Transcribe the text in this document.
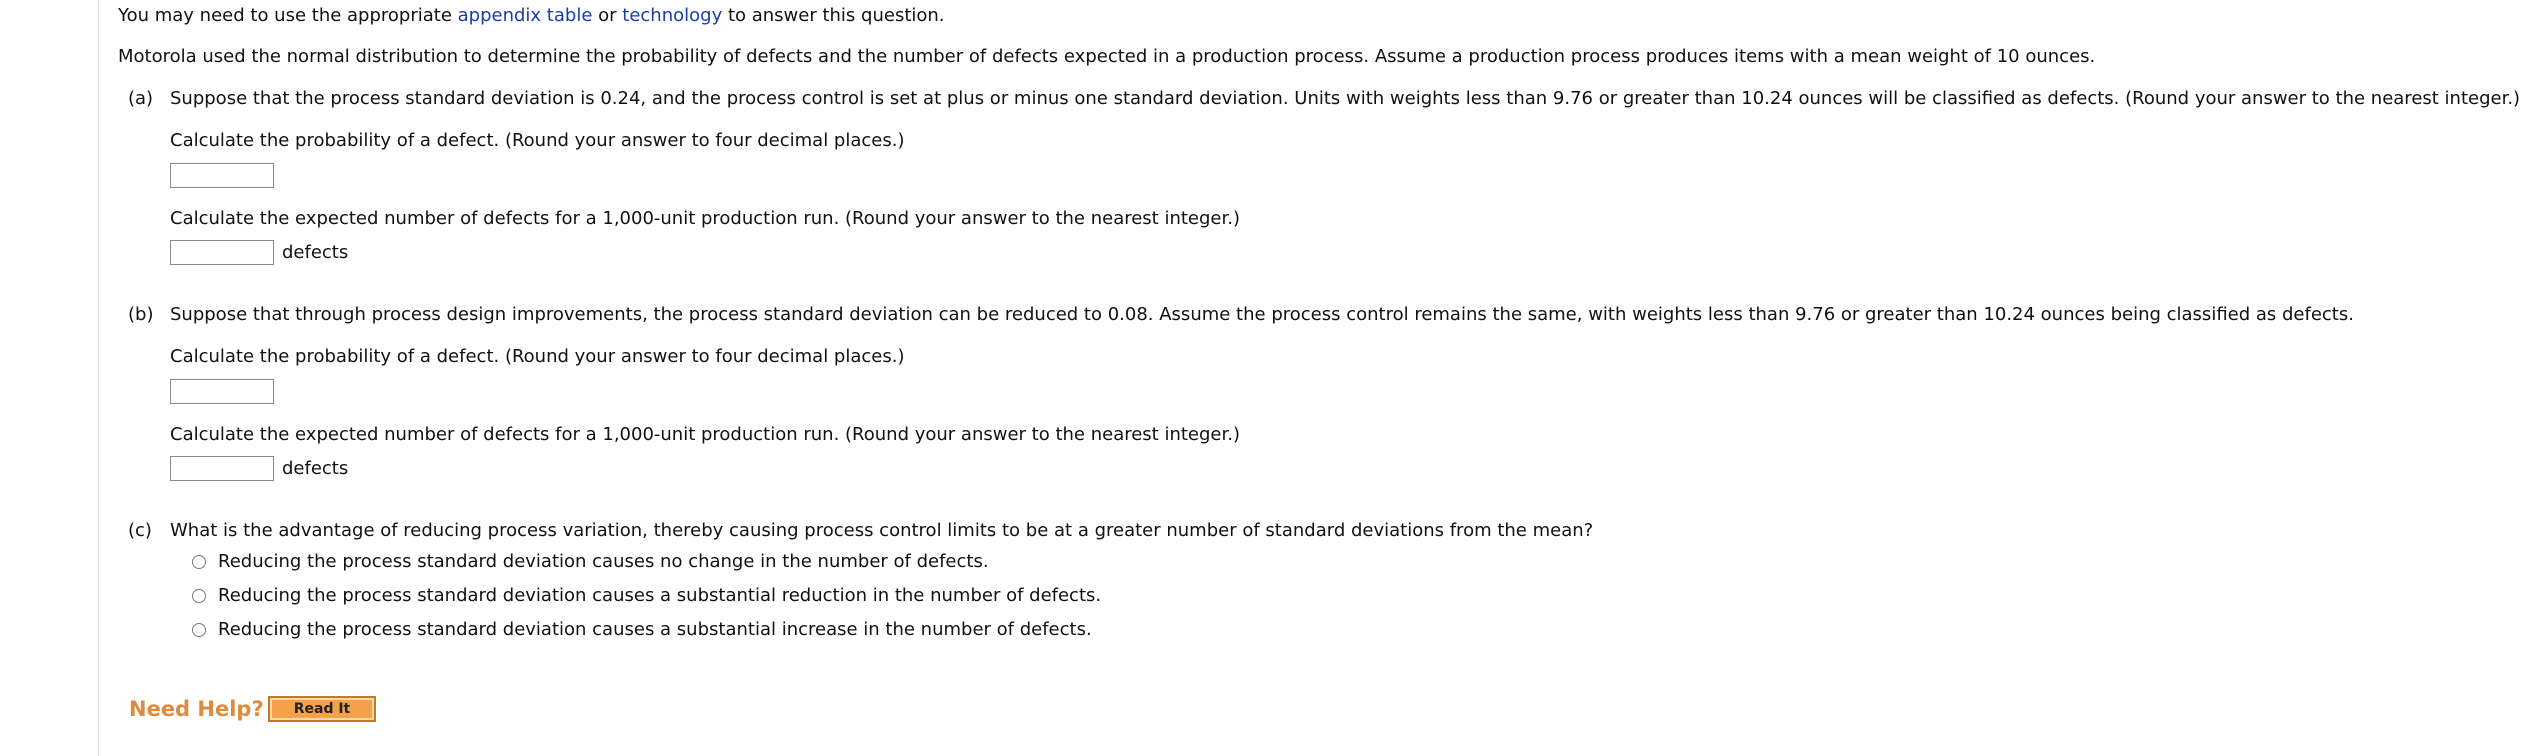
You may need to use the appropriate appendix table or technology to answer this question.
Motorola used the normal distribution to determine the probability of defects and the number of defects expected in a production process. Assume a production process produces items with a mean weight of 10 ounces.
(a) Suppose that the process standard deviation is 0.24, and the process control is set at plus or minus one standard deviation. Units with weights less than 9.76 or greater than 10.24 ounces will be classified as defects. (Round your answer to the nearest integer.)
Calculate the probability of a defect. (Round your answer to four decimal places.)
Calculate the expected number of defects for a 1,000-unit production run. (Round your answer to the nearest integer.)
defects
(b) Suppose that through process design improvements, the process standard deviation can be reduced to 0.08. Assume the process control remains the same, with weights less than 9.76 or greater than 10.24 ounces being classified as defects.
Calculate the probability of a defect. (Round your answer to four decimal places.)
Calculate the expected number of defects for a 1,000-unit production run. (Round your answer to the nearest integer.)
defects
(c) What is the advantage of reducing process variation, thereby causing process control limits to be at a greater number of standard deviations from the mean?
Reducing the process standard deviation causes no change in the number of defects.
Reducing the process standard deviation causes a substantial reduction in the number of defects.
Reducing the process standard deviation causes a substantial increase in the number of defects.
Need Help?	Read It
